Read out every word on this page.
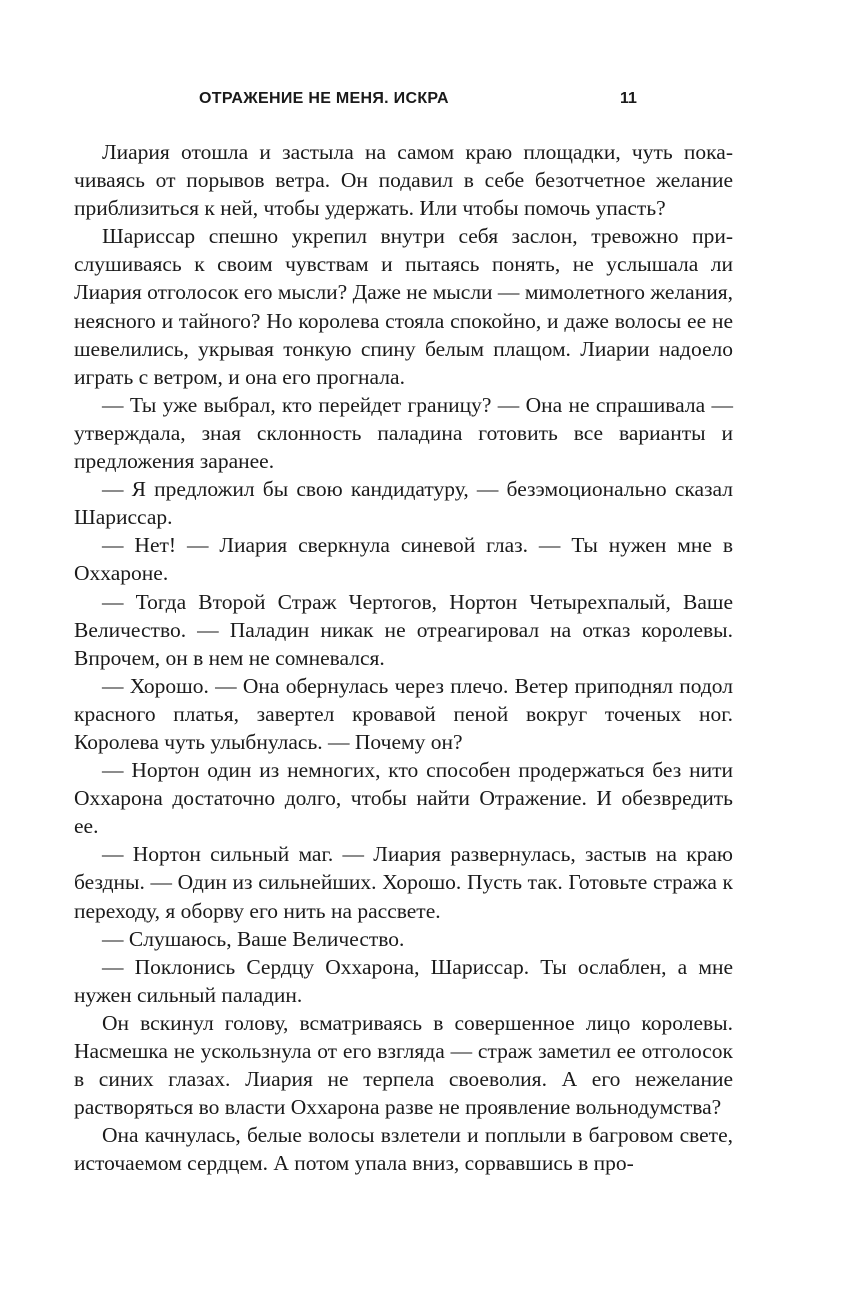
ОТРАЖЕНИЕ НЕ МЕНЯ. ИСКРА	11

Лиария отошла и застыла на самом краю площадки, чуть покачиваясь от порывов ветра. Он подавил в себе безотчетное желание приблизиться к ней, чтобы удержать. Или чтобы помочь упасть?

Шариссар спешно укрепил внутри себя заслон, тревожно прислушиваясь к своим чувствам и пытаясь понять, не услышала ли Лиария отголосок его мысли? Даже не мысли — мимолетного желания, неясного и тайного? Но королева стояла спокойно, и даже волосы ее не шевелились, укрывая тонкую спину белым плащом. Лиарии надоело играть с ветром, и она его прогнала.

— Ты уже выбрал, кто перейдет границу? — Она не спрашивала — утверждала, зная склонность паладина готовить все варианты и предложения заранее.

— Я предложил бы свою кандидатуру, — безэмоционально сказал Шариссар.

— Нет! — Лиария сверкнула синевой глаз. — Ты нужен мне в Оххароне.

— Тогда Второй Страж Чертогов, Нортон Четырехпалый, Ваше Величество. — Паладин никак не отреагировал на отказ королевы. Впрочем, он в нем не сомневался.

— Хорошо. — Она обернулась через плечо. Ветер приподнял подол красного платья, завертел кровавой пеной вокруг точеных ног. Королева чуть улыбнулась. — Почему он?

— Нортон один из немногих, кто способен продержаться без нити Оххарона достаточно долго, чтобы найти Отражение. И обезвредить ее.

— Нортон сильный маг. — Лиария развернулась, застыв на краю бездны. — Один из сильнейших. Хорошо. Пусть так. Готовьте стража к переходу, я оборву его нить на рассвете.

— Слушаюсь, Ваше Величество.

— Поклонись Сердцу Оххарона, Шариссар. Ты ослаблен, а мне нужен сильный паладин.

Он вскинул голову, всматриваясь в совершенное лицо королевы. Насмешка не ускользнула от его взгляда — страж заметил ее отголосок в синих глазах. Лиария не терпела своеволия. А его нежелание растворяться во власти Оххарона разве не проявление вольнодумства?

Она качнулась, белые волосы взлетели и поплыли в багровом свете, источаемом сердцем. А потом упала вниз, сорвавшись в про-
